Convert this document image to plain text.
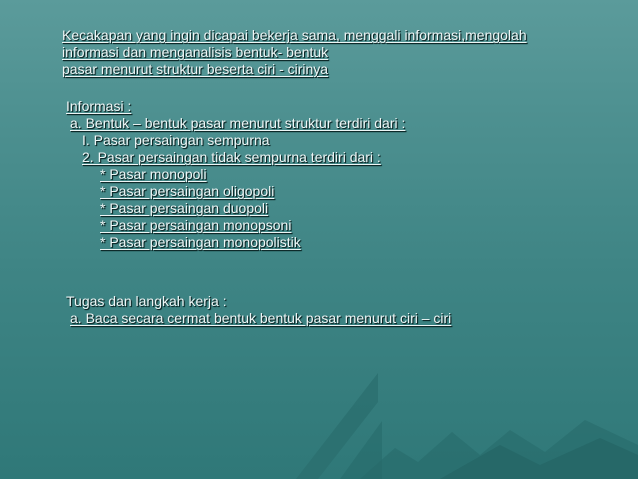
Kecakapan yang ingin dicapai bekerja sama, menggali informasi,mengolah
informasi dan menganalisis bentuk- bentuk
pasar menurut struktur beserta ciri - cirinya
Informasi :
a. Bentuk – bentuk pasar menurut struktur terdiri dari :
I. Pasar persaingan sempurna
2. Pasar persaingan tidak sempurna terdiri dari :
* Pasar monopoli
* Pasar persaingan oligopoli
* Pasar persaingan duopoli
* Pasar persaingan monopsoni
* Pasar persaingan monopolistik
Tugas dan langkah kerja :
a. Baca secara cermat bentuk bentuk pasar menurut ciri – ciri
